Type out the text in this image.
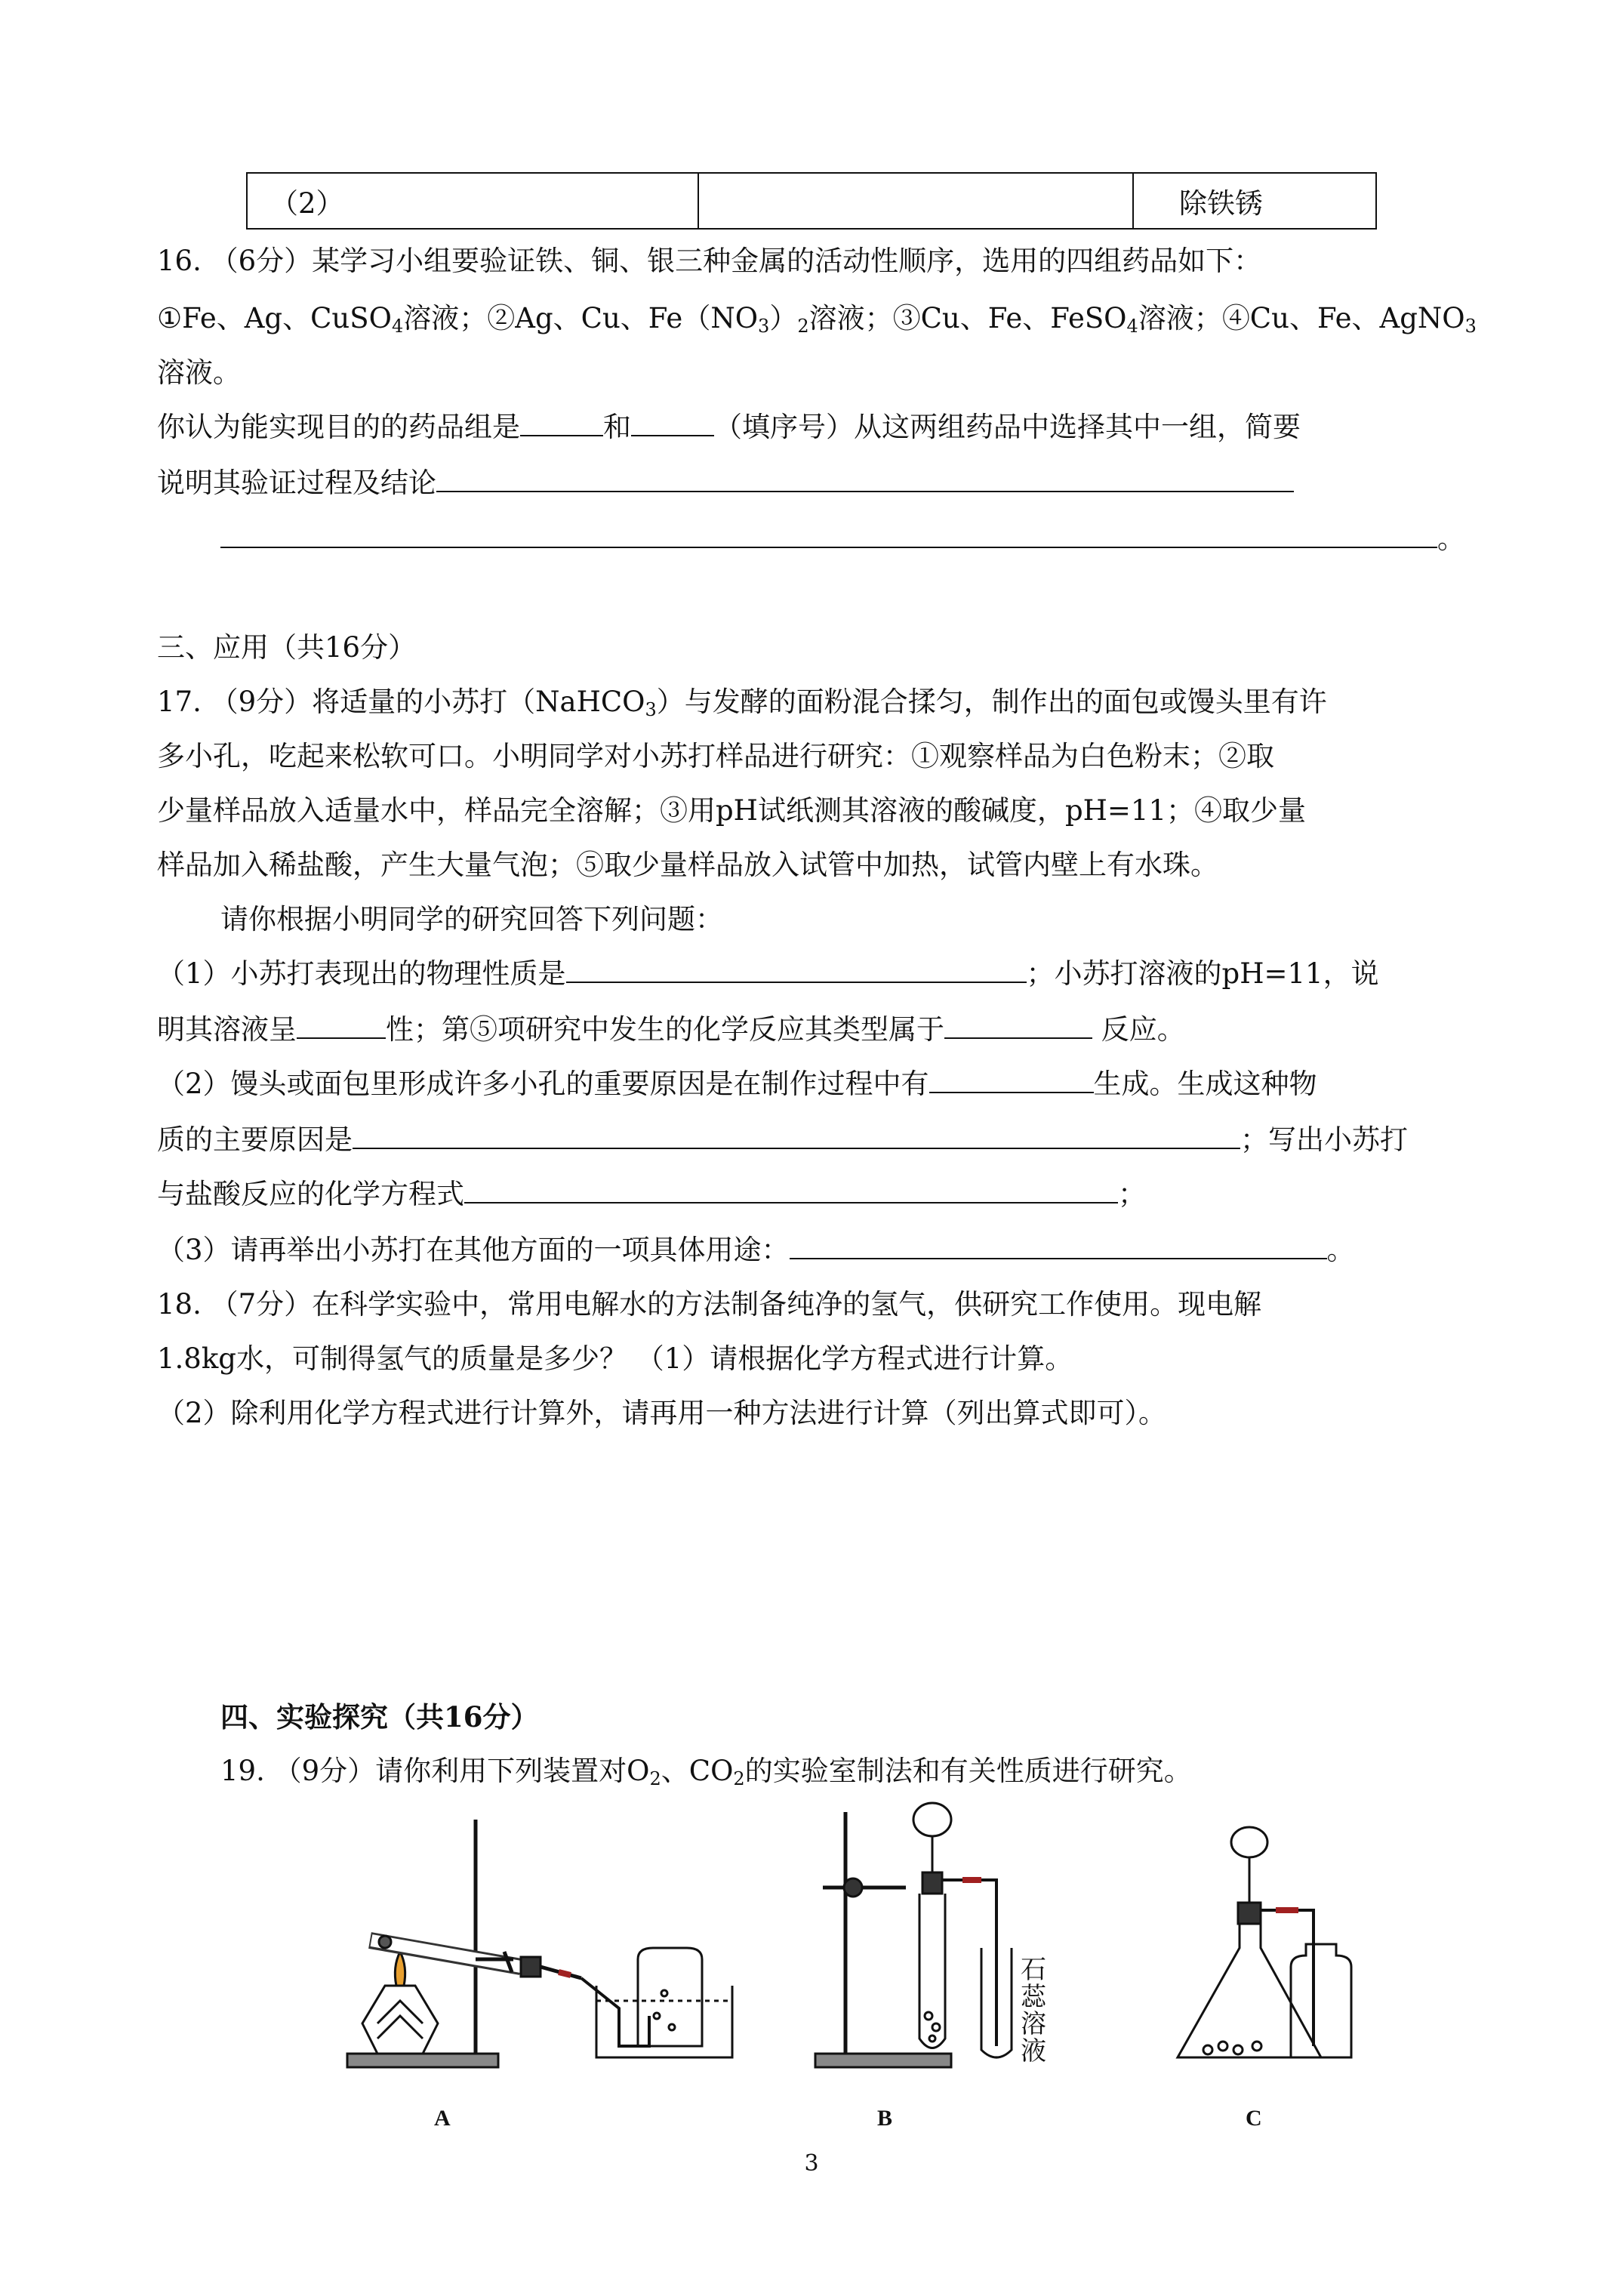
（2）		除铁锈
16. （6分）某学习小组要验证铁、铜、银三种金属的活动性顺序，选用的四组药品如下：
①Fe、Ag、CuSO$_4$溶液；②Ag、Cu、$Fe(NO_3)_2$溶液；③Cu、Fe、FeSO$_4$溶液；④Cu、Fe、AgNO$_3$
溶液。
你认为能实现目的的药品组是	和	（填序号）从这两组药品中选择其中一组，简要
说明其验证过程及结论
。
三、应用（共16分）
17. （9分）将适量的小苏打（NaHCO$_3$）与发酵的面粉混合揉匀，制作出的面包或馒头里有许
多小孔，吃起来松软可口。小明同学对小苏打样品进行研究：①观察样品为白色粉末；②取
少量样品放入适量水中，样品完全溶解；③用pH试纸测其溶液的酸碱度，pH=11；④取少量
样品加入稀盐酸，产生大量气泡；⑤取少量样品放入试管中加热，试管内壁上有水珠。
请你根据小明同学的研究回答下列问题：
（1）小苏打表现出的物理性质是	；小苏打溶液的pH=11，说
明其溶液呈	性；第⑤项研究中发生的化学反应其类型属于	反应。
（2）馒头或面包里形成许多小孔的重要原因是在制作过程中有	生成。生成这种物
质的主要原因是	；写出小苏打
与盐酸反应的化学方程式	；
（3）请再举出小苏打在其他方面的一项具体用途：	。
18. （7分）在科学实验中，常用电解水的方法制备纯净的氢气，供研究工作使用。现电解
1.8kg水，可制得氢气的质量是多少？ （1）请根据化学方程式进行计算。
（2）除利用化学方程式进行计算外，请再用一种方法进行计算（列出算式即可）。
四、实验探究（共16分）
19. （9分）请你利用下列装置对$O_2$、$CO_2$的实验室制法和有关性质进行研究。
A
石
蕊
溶
液
B	C
3
